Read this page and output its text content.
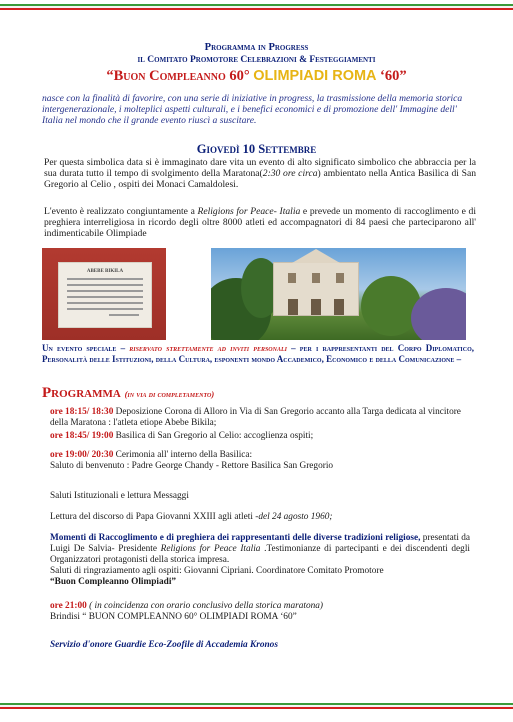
Programma in Progress
il Comitato Promotore Celebrazioni & Festeggiamenti
“Buon Compleanno 60° OLIMPIADI ROMA ‘60”
nasce con la finalità di favorire, con una serie di iniziative in progress, la trasmissione della memoria storica intergenerazionale, i molteplici aspetti culturali, e i benefici economici e di promozione dell' Immagine dell' Italia nel mondo che il grande evento riuscì a suscitare.
Giovedì 10 Settembre
Per questa simbolica data si è immaginato dare vita un evento di alto significato simbolico che abbraccia per la sua durata tutto il tempo di svolgimento della Maratona(2:30 ore circa) ambientato nella Antica Basilica di San Gregorio al Celio , ospiti dei Monaci Camaldolesi.
L'evento è realizzato congiuntamente a Religions for Peace- Italia e prevede un momento di raccoglimento e di preghiera interreligiosa in ricordo degli oltre 8000 atleti ed accompagnatori di 84 paesi che parteciparono all' indimenticabile Olimpiade
ABEBE BIKILA
Un evento speciale – riservato strettamente ad inviti personali – per i rappresentanti del Corpo Diplomatico, Personalità delle Istituzioni, della Cultura, esponenti mondo Accademico, Economico e della Comunicazione –
Programma (in via di completamento)
ore 18:15/ 18:30 Deposizione Corona di Alloro in Via di San Gregorio accanto alla Targa dedicata al vincitore della Maratona : l'atleta etiope Abebe Bikila;
ore 18:45/ 19:00 Basilica di San Gregorio al Celio: accoglienza ospiti;
ore 19:00/ 20:30 Cerimonia all' interno della Basilica:
Saluto di benvenuto : Padre George Chandy - Rettore Basilica San Gregorio
Saluti Istituzionali e lettura Messaggi
Lettura del discorso di Papa Giovanni XXIII agli atleti -del 24 agosto 1960;
Momenti di Raccoglimento e di preghiera dei rappresentanti delle diverse tradizioni religiose, presentati da Luigi De Salvia- Presidente Religions for Peace Italia .Testimonianze di partecipanti e dei discendenti degli Organizzatori protagonisti della storica impresa.
Saluti di ringraziamento agli ospiti: Giovanni Cipriani. Coordinatore Comitato Promotore
“Buon Compleanno Olimpiadi”
ore 21:00 ( in coincidenza con orario conclusivo della storica maratona)
Brindisi “ BUON COMPLEANNO 60° OLIMPIADI ROMA ‘60”
Servizio d'onore Guardie Eco-Zoofile di Accademia Kronos
